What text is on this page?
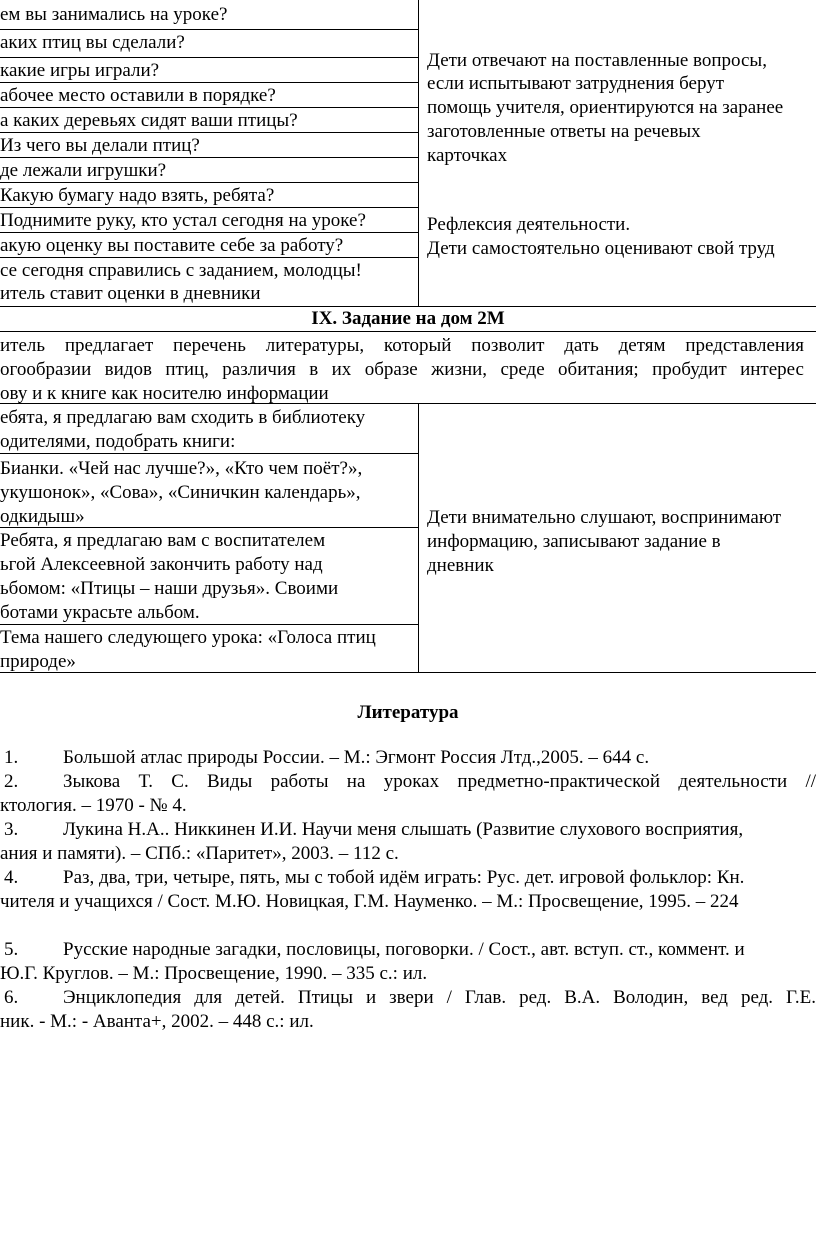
ем вы занимались на уроке?
аких птиц вы сделали?
какие игры играли?
абочее место оставили в порядке?
а каких деревьях сидят ваши птицы?
Из чего вы делали птиц?
де лежали игрушки?
Какую бумагу надо взять, ребята?
Поднимите руку, кто устал сегодня на уроке?
акую оценку вы поставите себе за работу?
се сегодня справились с заданием, молодцы!
итель ставит оценки в дневники
Дети отвечают на поставленные вопросы,
если испытывают затруднения берут
помощь учителя, ориентируются на заранее
заготовленные ответы на речевых
карточках
Рефлексия деятельности.
Дети самостоятельно оценивают свой труд
IX. Задание на дом 2М
итель предлагает перечень литературы, который позволит дать детям представления
огообразии видов птиц, различия в их образе жизни, среде обитания; пробудит интерес
ову и к книге как носителю информации
ебята, я предлагаю вам сходить в библиотеку
одителями, подобрать книги:
Бианки. «Чей нас лучше?», «Кто чем поёт?»,
укушонок», «Сова», «Синичкин календарь»,
одкидыш»
Ребята, я предлагаю вам с воспитателем
ьгой Алексеевной закончить работу над
ьбомом: «Птицы – наши друзья». Своими
ботами украсьте альбом.
Тема нашего следующего урока: «Голоса птиц
природе»
Дети внимательно слушают, воспринимают
информацию, записывают задание в
дневник
Литература
1. Большой атлас природы России. – М.: Эгмонт Россия Лтд.,2005. – 644 с.
2. Зыкова Т. С. Виды работы на уроках предметно-практической деятельности //
ктология. – 1970 - № 4.
3. Лукина Н.А.. Никкинен И.И. Научи меня слышать (Развитие слухового восприятия,
ания и памяти). – СПб.: «Паритет», 2003. – 112 с.
4. Раз, два, три, четыре, пять, мы с тобой идём играть: Рус. дет. игровой фольклор: Кн.
чителя и учащихся / Сост. М.Ю. Новицкая, Г.М. Науменко. – М.: Просвещение, 1995. – 224
5. Русские народные загадки, пословицы, поговорки. / Сост., авт. вступ. ст., коммент. и
Ю.Г. Круглов. – М.: Просвещение, 1990. – 335 с.: ил.
6. Энциклопедия для детей. Птицы и звери / Глав. ред. В.А. Володин, вед ред. Г.Е.
ник. - М.: - Аванта+, 2002. – 448 с.: ил.
